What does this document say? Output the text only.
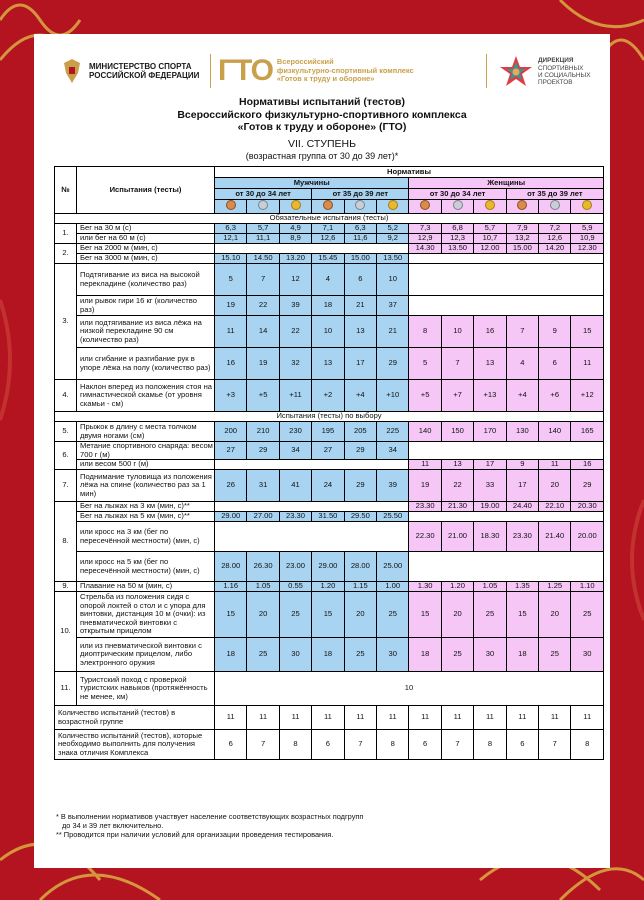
МИНИСТЕРСТВО СПОРТА
РОССИЙСКОЙ ФЕДЕРАЦИИ ГТО Всероссийский
физкультурно-спортивный комплекс
«Готов к труду и обороне»
ДИРЕКЦИЯ
СПОРТИВНЫХ
И СОЦИАЛЬНЫХ
ПРОЕКТОВ
Нормативы испытаний (тестов)
Всероссийского физкультурно-спортивного комплекса
«Готов к труду и обороне» (ГТО)
VII. СТУПЕНЬ
(возрастная группа от 30 до 39 лет)*
№	Испытания (тесты)	Нормативы											
		Мужчины						Женщины					
		от 30 до 34 лет			от 35 до 39 лет			от 30 до 34 лет			от 35 до 39 лет		

Обязательные испытания (тесты)													
1.	Бег на 30 м (с)	6,3	5,7	4,9	7,1	6,3	5,2	7,3	6,8	5,7	7,9	7,2	5,9
	или бег на 60 м (с)	12,1	11,1	8,9	12,6	11,6	9,2	12,9	12,3	10,7	13,2	12,6	10,9
2.	Бег на 2000 м (мин, с)							14.30	13.50	12.00	15.00	14.20	12.30
	Бег на 3000 м (мин, с)	15.10	14.50	13.20	15.45	15.00	13.50						
3.	Подтягивание из виса на высокой перекладине (количество раз)	5	7	12	4	6	10						
	или рывок гири 16 кг (количество раз)	19	22	39	18	21	37						
	или подтягивание из виса лёжа на низкой перекладине 90 см (количество раз)	11	14	22	10	13	21	8	10	16	7	9	15
	или сгибание и разгибание рук в упоре лёжа на полу (количество раз)	16	19	32	13	17	29	5	7	13	4	6	11
4.	Наклон вперед из положения стоя на гимнастической скамье (от уровня скамьи - см)	+3	+5	+11	+2	+4	+10	+5	+7	+13	+4	+6	+12
Испытания (тесты) по выбору													
5.	Прыжок в длину с места толчком двумя ногами (см)	200	210	230	195	205	225	140	150	170	130	140	165
6.	Метание спортивного снаряда: весом 700 г (м)	27	29	34	27	29	34						
	или весом 500 г (м)							11	13	17	9	11	16
7.	Поднимание туловища из положения лёжа на спине (количество раз за 1 мин)	26	31	41	24	29	39	19	22	33	17	20	29
8.	Бег на лыжах на 3 км (мин, с)**							23.30	21.30	19.00	24.40	22.10	20.30
	Бег на лыжах на 5 км (мин, с)**	29.00	27.00	23.30	31.50	29.50	25.50						
	или кросс на 3 км (бег по пересечённой местности) (мин, с)							22.30	21.00	18.30	23.30	21.40	20.00
	или кросс на 5 км (бег по пересечённой местности) (мин, с)	28.00	26.30	23.00	29.00	28.00	25.00						
9.	Плавание на 50 м (мин, с)	1.16	1.05	0.55	1.20	1.15	1.00	1.30	1.20	1.05	1.35	1.25	1.10
10.	Стрельба из положения сидя с опорой локтей о стол и с упора для винтовки, дистанция 10 м (очки): из пневматической винтовки с открытым прицелом	15	20	25	15	20	25	15	20	25	15	20	25
	или из пневматической винтовки с диоптрическим прицелом, либо электронного оружия	18	25	30	18	25	30	18	25	30	18	25	30
11.	Туристский поход с проверкой туристских навыков (протяжённость не менее, км)	10											
Количество испытаний (тестов) в возрастной группе		11	11	11	11	11	11	11	11	11	11	11	11
Количество испытаний (тестов), которые необходимо выполнить для получения знака отличия Комплекса		6	7	8	6	7	8	6	7	8	6	7	8
* В выполнении нормативов участвует население соответствующих возрастных подгрупп
до 34 и 39 лет включительно.
** Проводится при наличии условий для организации проведения тестирования.
